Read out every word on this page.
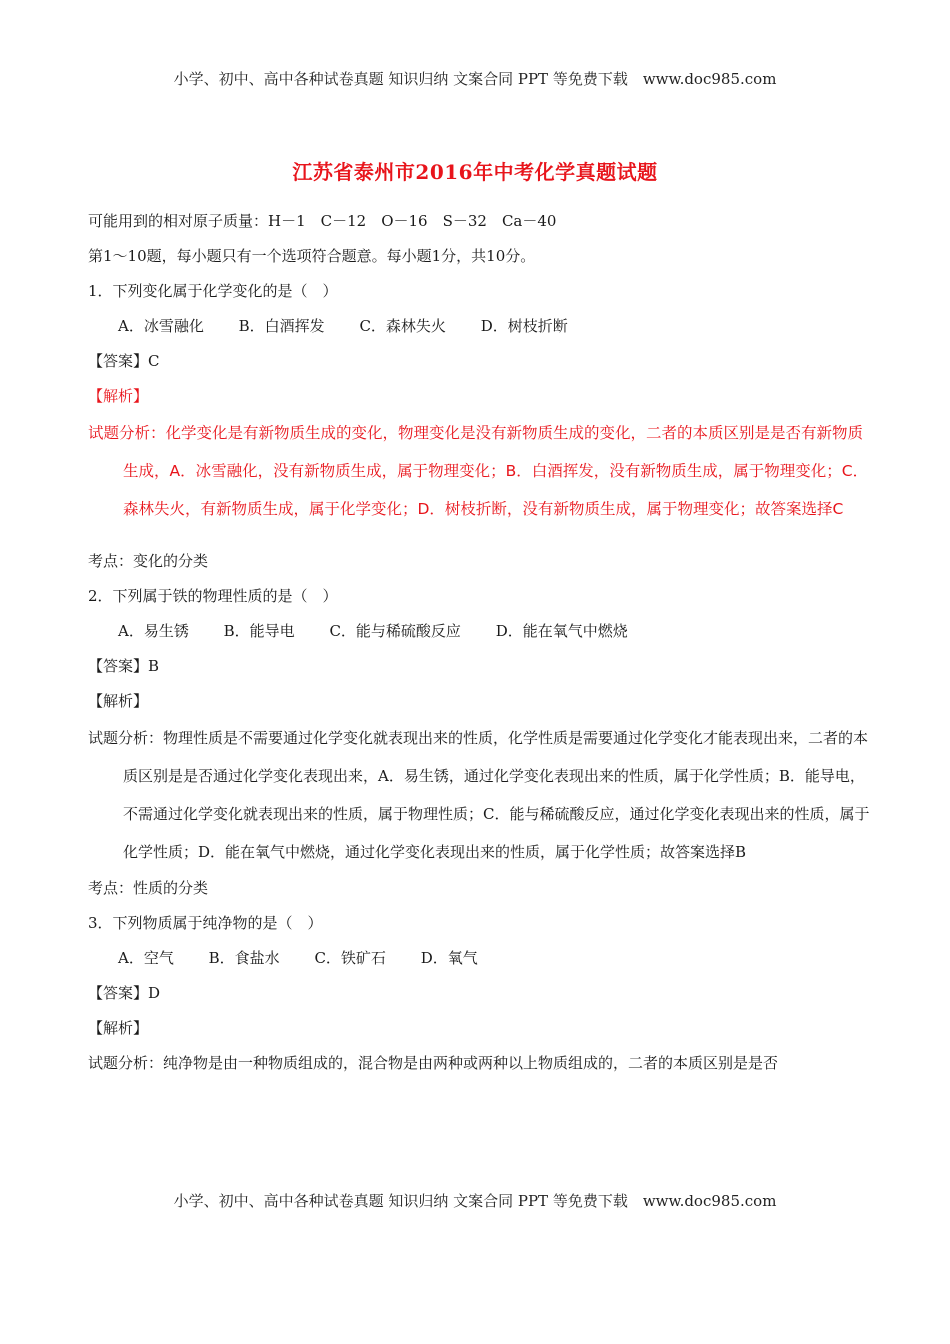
小学、初中、高中各种试卷真题 知识归纳 文案合同 PPT 等免费下载　www.doc985.com
江苏省泰州市2016年中考化学真题试题
可能用到的相对原子质量：H－1　C－12　O－16　S－32　Ca－40
第1～10题，每小题只有一个选项符合题意。每小题1分，共10分。
1．下列变化属于化学变化的是（　）
A．冰雪融化 B．白酒挥发 C．森林失火 D．树枝折断
【答案】C
【解析】
试题分析：化学变化是有新物质生成的变化，物理变化是没有新物质生成的变化，二者的本质区别是是否有新物质生成，A．冰雪融化，没有新物质生成，属于物理变化；B．白酒挥发，没有新物质生成，属于物理变化；C．森林失火，有新物质生成，属于化学变化；D．树枝折断，没有新物质生成，属于物理变化；故答案选择C
考点：变化的分类
2．下列属于铁的物理性质的是（　）
A．易生锈 B．能导电 C．能与稀硫酸反应 D．能在氧气中燃烧
【答案】B
【解析】
试题分析：物理性质是不需要通过化学变化就表现出来的性质，化学性质是需要通过化学变化才能表现出来，二者的本质区别是是否通过化学变化表现出来，A．易生锈，通过化学变化表现出来的性质，属于化学性质；B．能导电，不需通过化学变化就表现出来的性质，属于物理性质；C．能与稀硫酸反应，通过化学变化表现出来的性质，属于化学性质；D．能在氧气中燃烧，通过化学变化表现出来的性质，属于化学性质；故答案选择B
考点：性质的分类
3．下列物质属于纯净物的是（　）
A．空气 B．食盐水 C．铁矿石 D．氧气
【答案】D
【解析】
试题分析：纯净物是由一种物质组成的，混合物是由两种或两种以上物质组成的，二者的本质区别是是否
小学、初中、高中各种试卷真题 知识归纳 文案合同 PPT 等免费下载　www.doc985.com
